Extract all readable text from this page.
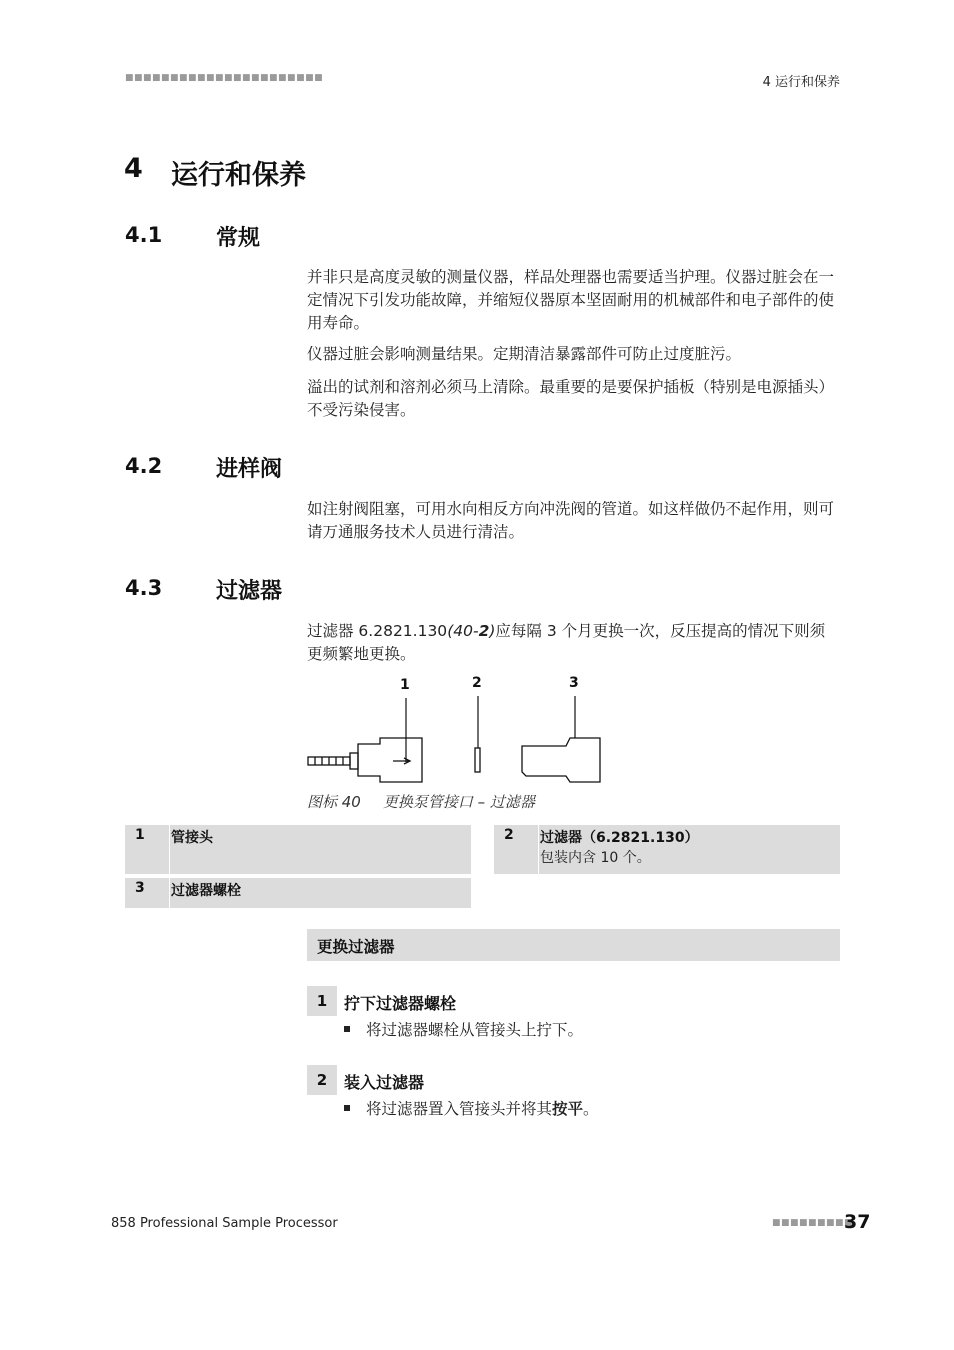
■■■■■■■■■■■■■■■■■■■■■■	4 运行和保养
4 运行和保养
4.1 常规
并非只是高度灵敏的测量仪器，样品处理器也需要适当护理。仪器过脏会在一定情况下引发功能故障，并缩短仪器原本坚固耐用的机械部件和电子部件的使用寿命。
仪器过脏会影响测量结果。定期清洁暴露部件可防止过度脏污。
溢出的试剂和溶剂必须马上清除。最重要的是要保护插板（特别是电源插头）不受污染侵害。
4.2 进样阀
如注射阀阻塞，可用水向相反方向冲洗阀的管道。如这样做仍不起作用，则可请万通服务技术人员进行清洁。
4.3 过滤器
过滤器 6.2821.130(40-2)应每隔 3 个月更换一次，反压提高的情况下则须更频繁地更换。
1	2	3
图标 40 更换泵管接口 – 过滤器
1 管接头	2 过滤器（6.2821.130）
包装内含 10 个。
3 过滤器螺栓
更换过滤器
1	拧下过滤器螺栓
将过滤器螺栓从管接头上拧下。
2	装入过滤器
将过滤器置入管接头并将其按平。
858 Professional Sample Processor	■■■■■■■■■
37
